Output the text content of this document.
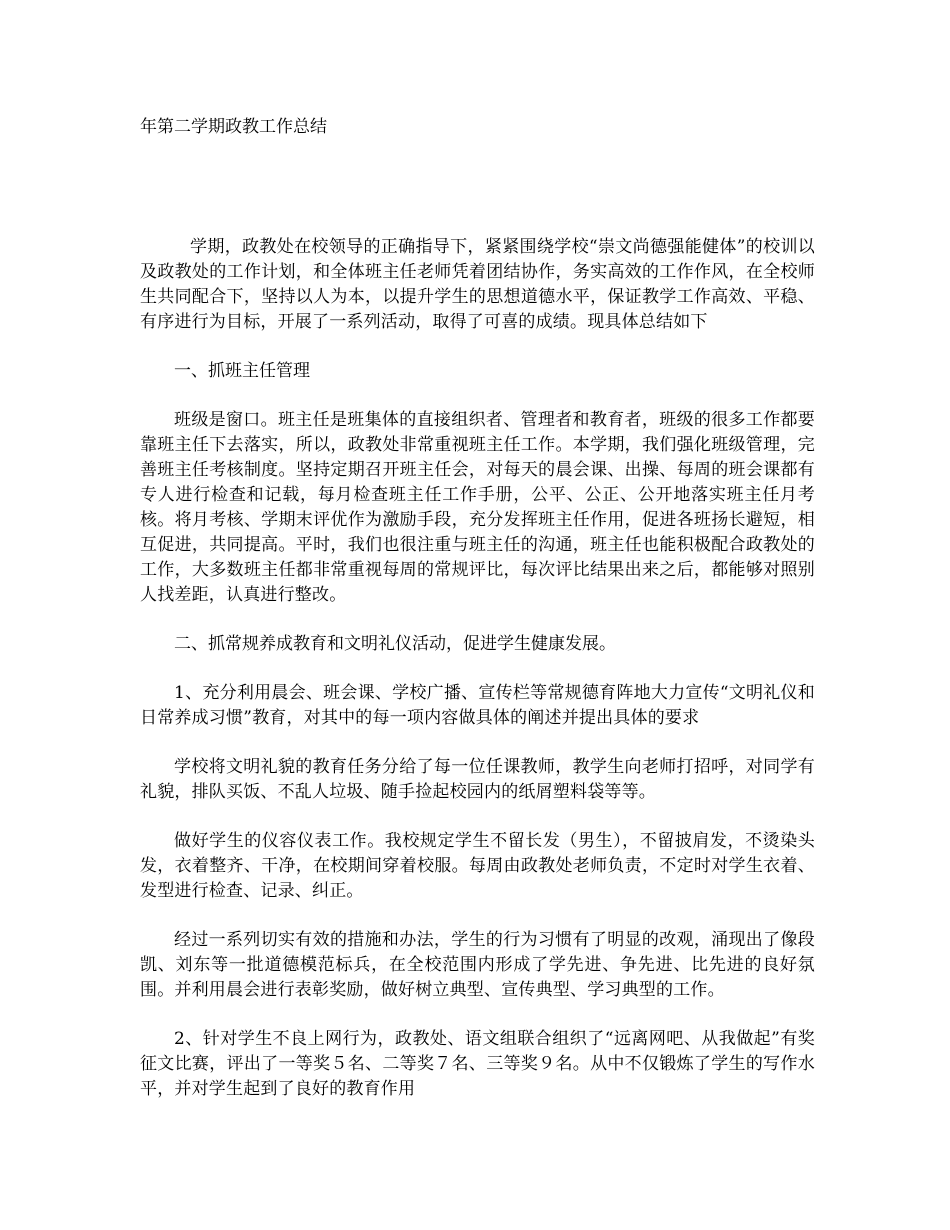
年第二学期政教工作总结

学期，政教处在校领导的正确指导下，紧紧围绕学校“崇文尚德强能健体”的校训以及政教处的工作计划，和全体班主任老师凭着团结协作，务实高效的工作作风，在全校师生共同配合下，坚持以人为本，以提升学生的思想道德水平，保证教学工作高效、平稳、有序进行为目标，开展了一系列活动，取得了可喜的成绩。现具体总结如下

一、抓班主任管理

班级是窗口。班主任是班集体的直接组织者、管理者和教育者，班级的很多工作都要靠班主任下去落实，所以，政教处非常重视班主任工作。本学期，我们强化班级管理，完善班主任考核制度。坚持定期召开班主任会，对每天的晨会课、出操、每周的班会课都有专人进行检查和记载，每月检查班主任工作手册，公平、公正、公开地落实班主任月考核。将月考核、学期末评优作为激励手段，充分发挥班主任作用，促进各班扬长避短，相互促进，共同提高。平时，我们也很注重与班主任的沟通，班主任也能积极配合政教处的工作，大多数班主任都非常重视每周的常规评比，每次评比结果出来之后，都能够对照别人找差距，认真进行整改。

二、抓常规养成教育和文明礼仪活动，促进学生健康发展。

1、充分利用晨会、班会课、学校广播、宣传栏等常规德育阵地大力宣传“文明礼仪和日常养成习惯”教育，对其中的每一项内容做具体的阐述并提出具体的要求

学校将文明礼貌的教育任务分给了每一位任课教师，教学生向老师打招呼，对同学有礼貌，排队买饭、不乱人垃圾、随手捡起校园内的纸屑塑料袋等等。

做好学生的仪容仪表工作。我校规定学生不留长发（男生），不留披肩发，不烫染头发，衣着整齐、干净，在校期间穿着校服。每周由政教处老师负责，不定时对学生衣着、发型进行检查、记录、纠正。

经过一系列切实有效的措施和办法，学生的行为习惯有了明显的改观，涌现出了像段凯、刘东等一批道德模范标兵，在全校范围内形成了学先进、争先进、比先进的良好氛围。并利用晨会进行表彰奖励，做好树立典型、宣传典型、学习典型的工作。

2、针对学生不良上网行为，政教处、语文组联合组织了“远离网吧、从我做起”有奖征文比赛，评出了一等奖５名、二等奖７名、三等奖９名。从中不仅锻炼了学生的写作水平，并对学生起到了良好的教育作用
